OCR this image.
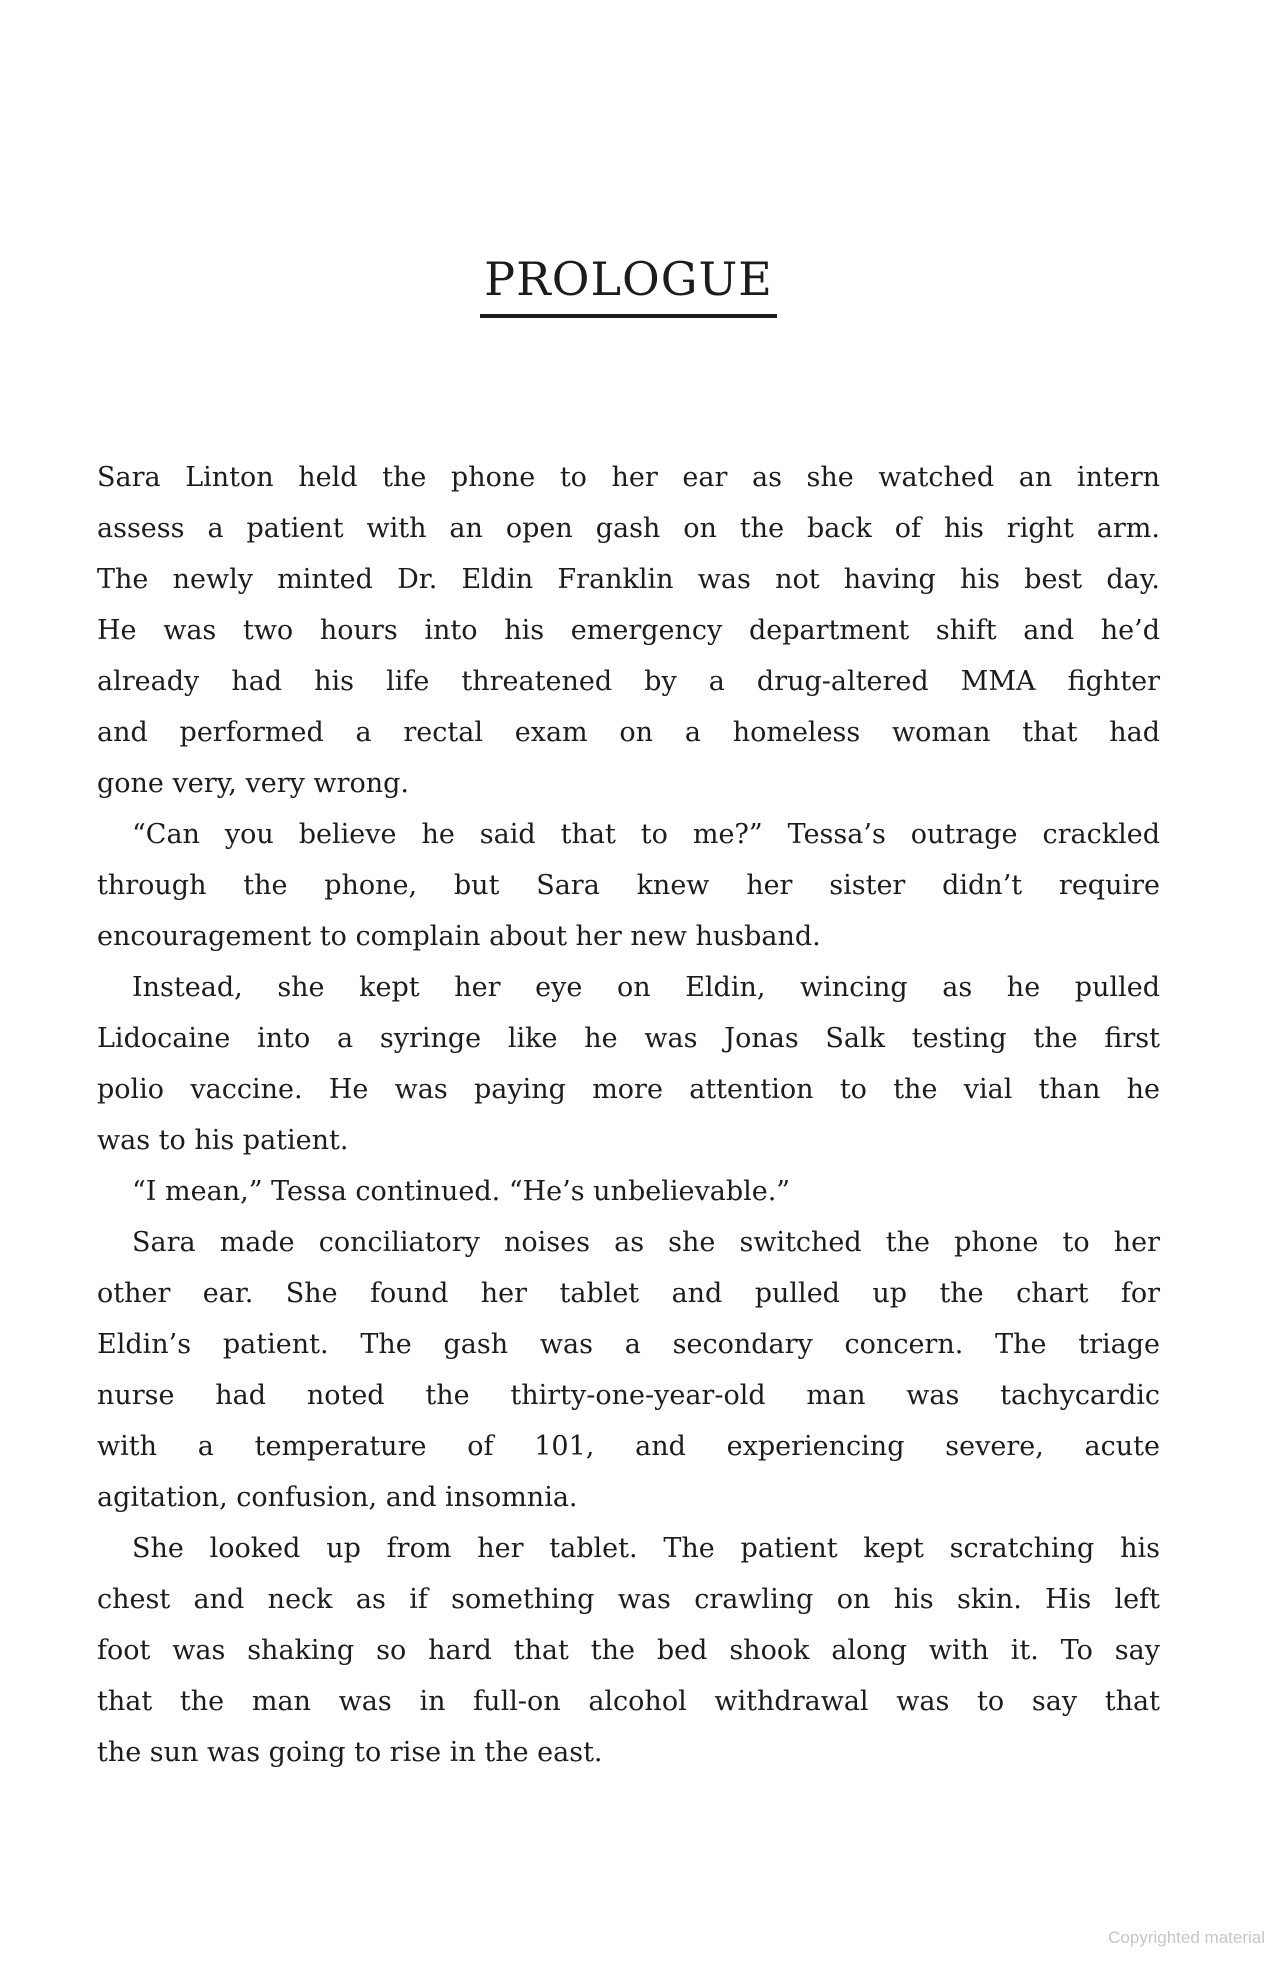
PROLOGUE
Sara Linton held the phone to her ear as she watched an intern
assess a patient with an open gash on the back of his right arm.
The newly minted Dr. Eldin Franklin was not having his best day.
He was two hours into his emergency department shift and he’d
already had his life threatened by a drug-altered MMA fighter
and performed a rectal exam on a homeless woman that had
gone very, very wrong.
“Can you believe he said that to me?” Tessa’s outrage crackled
through the phone, but Sara knew her sister didn’t require
encouragement to complain about her new husband.
Instead, she kept her eye on Eldin, wincing as he pulled
Lidocaine into a syringe like he was Jonas Salk testing the first
polio vaccine. He was paying more attention to the vial than he
was to his patient.
“I mean,” Tessa continued. “He’s unbelievable.”
Sara made conciliatory noises as she switched the phone to her
other ear. She found her tablet and pulled up the chart for
Eldin’s patient. The gash was a secondary concern. The triage
nurse had noted the thirty-one-year-old man was tachycardic
with a temperature of 101, and experiencing severe, acute
agitation, confusion, and insomnia.
She looked up from her tablet. The patient kept scratching his
chest and neck as if something was crawling on his skin. His left
foot was shaking so hard that the bed shook along with it. To say
that the man was in full-on alcohol withdrawal was to say that
the sun was going to rise in the east.
Copyrighted material
